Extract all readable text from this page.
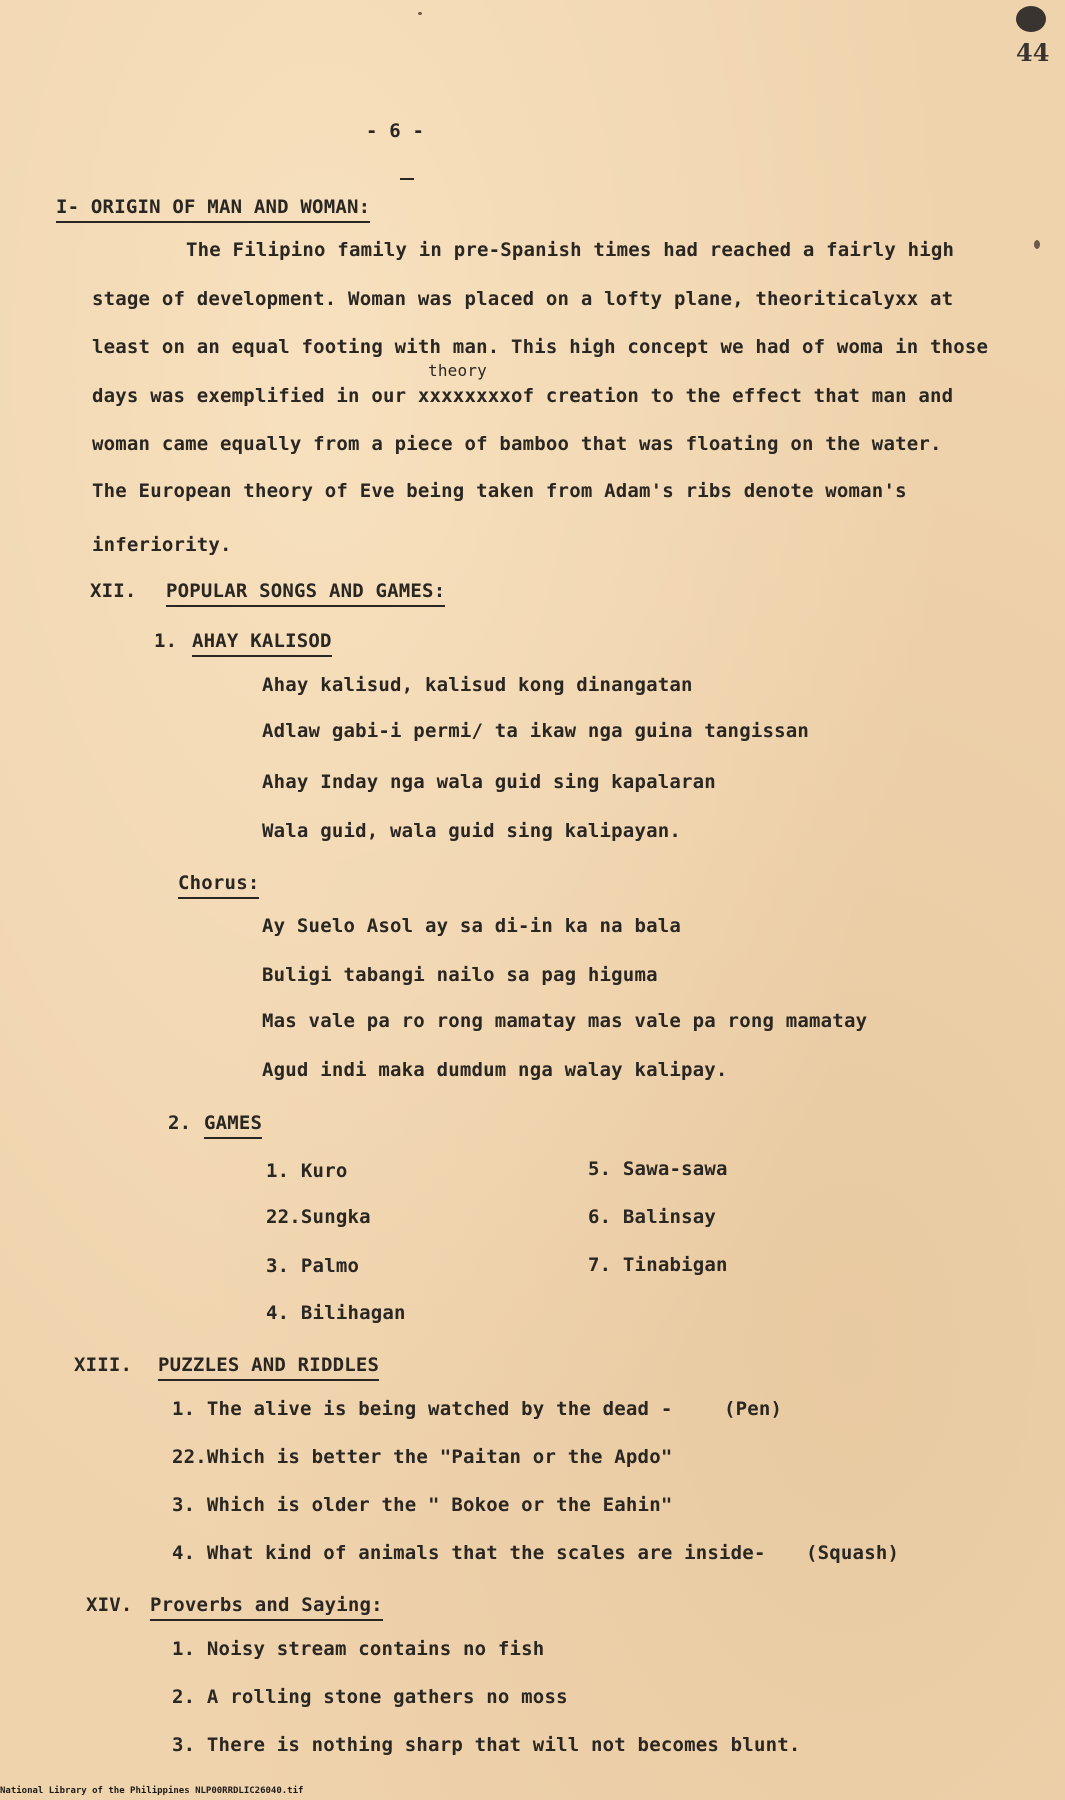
44
- 6 -
I- ORIGIN OF MAN AND WOMAN:
The Filipino family in pre-Spanish times had reached a fairly high
stage of development. Woman was placed on a lofty plane, theoriticalyxx at
least on an equal footing with man. This high concept we had of woma in those
theory
days was exemplified in our xxxxxxxxof creation to the effect that man and
woman came equally from a piece of bamboo that was floating on the water.
The European theory of Eve being taken from Adam's ribs denote woman's
inferiority.
XII. POPULAR SONGS AND GAMES:
1. AHAY KALISOD
Ahay kalisud, kalisud kong dinangatan
Adlaw gabi-i permi/ ta ikaw nga guina tangissan
Ahay Inday nga wala guid sing kapalaran
Wala guid, wala guid sing kalipayan.
Chorus:
Ay Suelo Asol ay sa di-in ka na bala
Buligi tabangi nailo sa pag higuma
Mas vale pa ro rong mamatay mas vale pa rong mamatay
Agud indi maka dumdum nga walay kalipay.
2. GAMES
1. Kuro
22.Sungka
3. Palmo
4. Bilihagan
5. Sawa-sawa
6. Balinsay
7. Tinabigan
XIII. PUZZLES AND RIDDLES
1. The alive is being watched by the dead -	(Pen)
22.Which is better the "Paitan or the Apdo"
3. Which is older the " Bokoe or the Eahin"
4. What kind of animals that the scales are inside- (Squash)
XIV. Proverbs and Saying:
1. Noisy stream contains no fish
2. A rolling stone gathers no moss
3. There is nothing sharp that will not becomes blunt.
National Library of the Philippines NLP00RRDLIC26040.tif
